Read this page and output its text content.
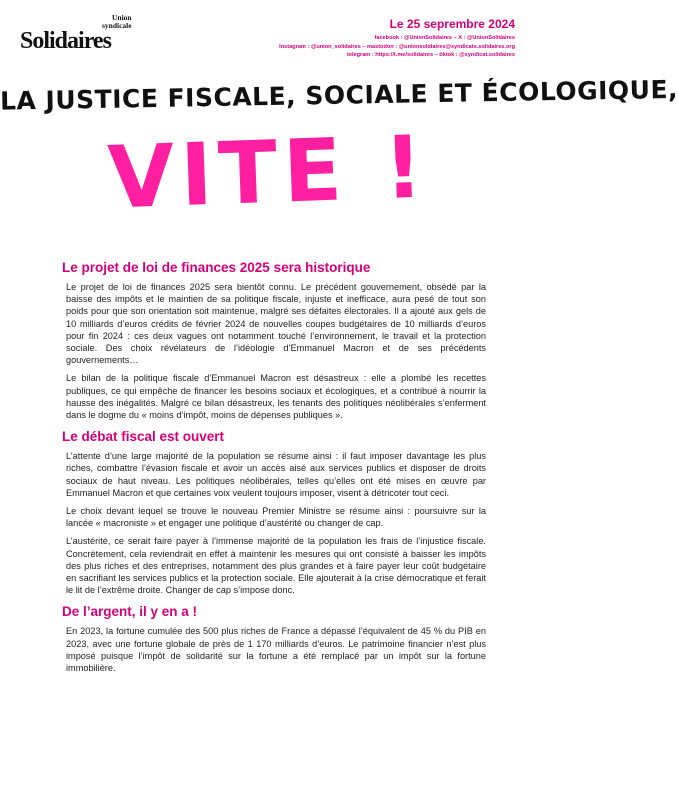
Union
syndicale
Solidaires
Le 25 seprembre 2024
facebook : @UnionSolidaires – X : @UnionSolidaires
Instagram : @union_solidaires – mastodon : @unionsolidaires@syndicats.solidaires.org
telegram : https://t.me/solidaires – tiktok : @syndicat.solidaires
LA JUSTICE FISCALE, SOCIALE ET ÉCOLOGIQUE,
VITE !
Le projet de loi de finances 2025 sera historique

Le projet de loi de finances 2025 sera bientôt connu. Le précédent gouvernement, obsédé par la baisse des impôts et le maintien de sa politique fiscale, injuste et inefficace, aura pesé de tout son poids pour que son orientation soit maintenue, malgré ses défaites électorales. Il a ajouté aux gels de 10 milliards d’euros crédits de février 2024 de nouvelles coupes budgétaires de 10 milliards d’euros pour fin 2024 : ces deux vagues ont notamment touché l’environnement, le travail et la protection sociale. Des choix révélateurs de l’idéologie d’Emmanuel Macron et de ses précédents gouvernements…

Le bilan de la politique fiscale d’Emmanuel Macron est désastreux : elle a plombé les recettes publiques, ce qui empêche de financer les besoins sociaux et écologiques, et a contribué à nourrir la hausse des inégalités. Malgré ce bilan désastreux, les tenants des politiques néolibérales s’enferment dans le dogme du « moins d’impôt, moins de dépenses publiques ».

Le débat fiscal est ouvert

L’attente d’une large majorité de la population se résume ainsi : il faut imposer davantage les plus riches, combattre l’évasion fiscale et avoir un accès aisé aux services publics et disposer de droits sociaux de haut niveau. Les politiques néolibérales, telles qu’elles ont été mises en œuvre par Emmanuel Macron et que certaines voix veulent toujours imposer, visent à détricoter tout ceci.

Le choix devant lequel se trouve le nouveau Premier Ministre se résume ainsi : poursuivre sur la lancée « macroniste » et engager une politique d’austérité ou changer de cap.

L’austérité, ce serait faire payer à l’immense majorité de la population les frais de l’injustice fiscale. Concrètement, cela reviendrait en effet à maintenir les mesures qui ont consisté à baisser les impôts des plus riches et des entreprises, notamment des plus grandes et à faire payer leur coût budgétaire en sacrifiant les services publics et la protection sociale. Elle ajouterait à la crise démocratique et ferait le lit de l’extrême droite. Changer de cap s’impose donc.

De l’argent, il y en a !

En 2023, la fortune cumulée des 500 plus riches de France a dépassé l’équivalent de 45 % du PIB en 2023, avec une fortune globale de près de 1 170 milliards d’euros. Le patrimoine financier n’est plus imposé puisque l’impôt de solidarité sur la fortune a été remplacé par un impôt sur la fortune immobilière.
